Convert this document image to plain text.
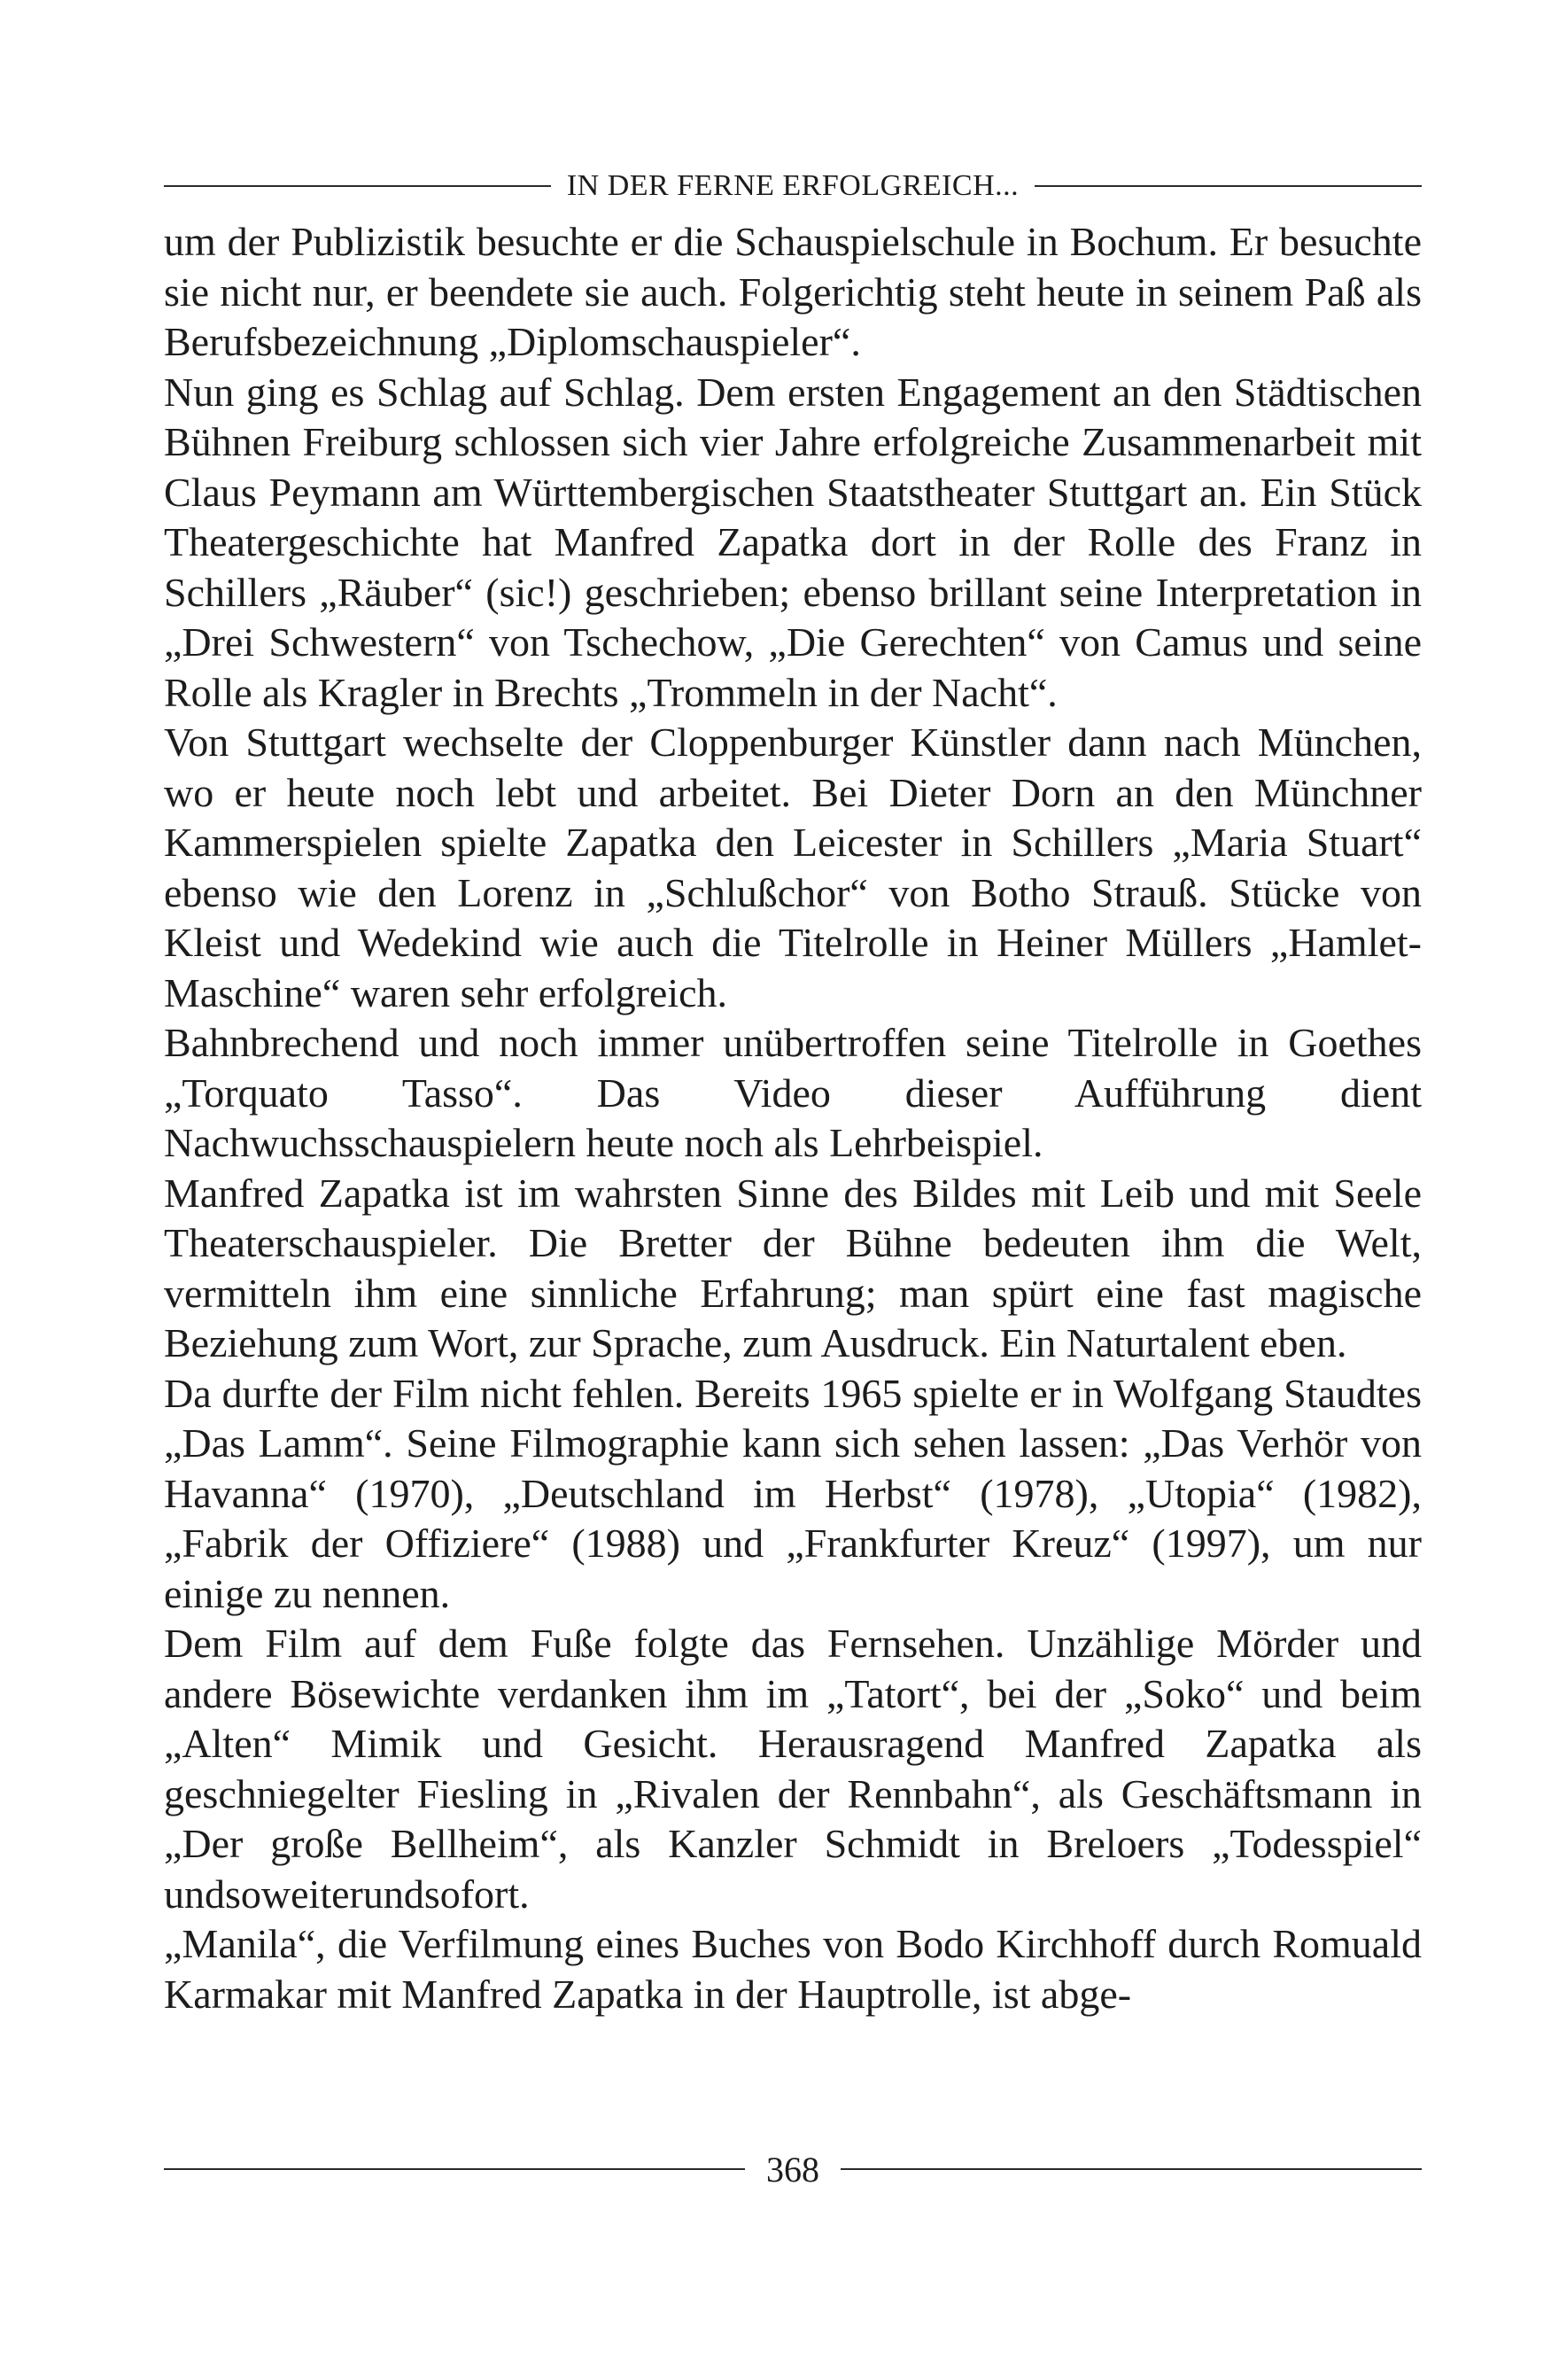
IN DER FERNE ERFOLGREICH...

um der Publizistik besuchte er die Schauspielschule in Bochum. Er besuchte sie nicht nur, er beendete sie auch. Folgerichtig steht heute in seinem Paß als Berufsbezeichnung „Diplomschauspieler“.

Nun ging es Schlag auf Schlag. Dem ersten Engagement an den Städtischen Bühnen Freiburg schlossen sich vier Jahre erfolgreiche Zusammenarbeit mit Claus Peymann am Württembergischen Staatstheater Stuttgart an. Ein Stück Theatergeschichte hat Manfred Zapatka dort in der Rolle des Franz in Schillers „Räuber“ (sic!) geschrieben; ebenso brillant seine Interpretation in „Drei Schwestern“ von Tschechow, „Die Gerechten“ von Camus und seine Rolle als Kragler in Brechts „Trommeln in der Nacht“.

Von Stuttgart wechselte der Cloppenburger Künstler dann nach München, wo er heute noch lebt und arbeitet. Bei Dieter Dorn an den Münchner Kammerspielen spielte Zapatka den Leicester in Schillers „Maria Stuart“ ebenso wie den Lorenz in „Schlußchor“ von Botho Strauß. Stücke von Kleist und Wedekind wie auch die Titelrolle in Heiner Müllers „Hamlet-Maschine“ waren sehr erfolgreich.

Bahnbrechend und noch immer unübertroffen seine Titelrolle in Goethes „Torquato Tasso“. Das Video dieser Aufführung dient Nachwuchsschauspielern heute noch als Lehrbeispiel.

Manfred Zapatka ist im wahrsten Sinne des Bildes mit Leib und mit Seele Theaterschauspieler. Die Bretter der Bühne bedeuten ihm die Welt, vermitteln ihm eine sinnliche Erfahrung; man spürt eine fast magische Beziehung zum Wort, zur Sprache, zum Ausdruck. Ein Naturtalent eben.

Da durfte der Film nicht fehlen. Bereits 1965 spielte er in Wolfgang Staudtes „Das Lamm“. Seine Filmographie kann sich sehen lassen: „Das Verhör von Havanna“ (1970), „Deutschland im Herbst“ (1978), „Utopia“ (1982), „Fabrik der Offiziere“ (1988) und „Frankfurter Kreuz“ (1997), um nur einige zu nennen.

Dem Film auf dem Fuße folgte das Fernsehen. Unzählige Mörder und andere Bösewichte verdanken ihm im „Tatort“, bei der „Soko“ und beim „Alten“ Mimik und Gesicht. Herausragend Manfred Zapatka als geschniegelter Fiesling in „Rivalen der Rennbahn“, als Geschäftsmann in „Der große Bellheim“, als Kanzler Schmidt in Breloers „Todesspiel“ undsoweiterundsofort.

„Manila“, die Verfilmung eines Buches von Bodo Kirchhoff durch Romuald Karmakar mit Manfred Zapatka in der Hauptrolle, ist abge-

368
